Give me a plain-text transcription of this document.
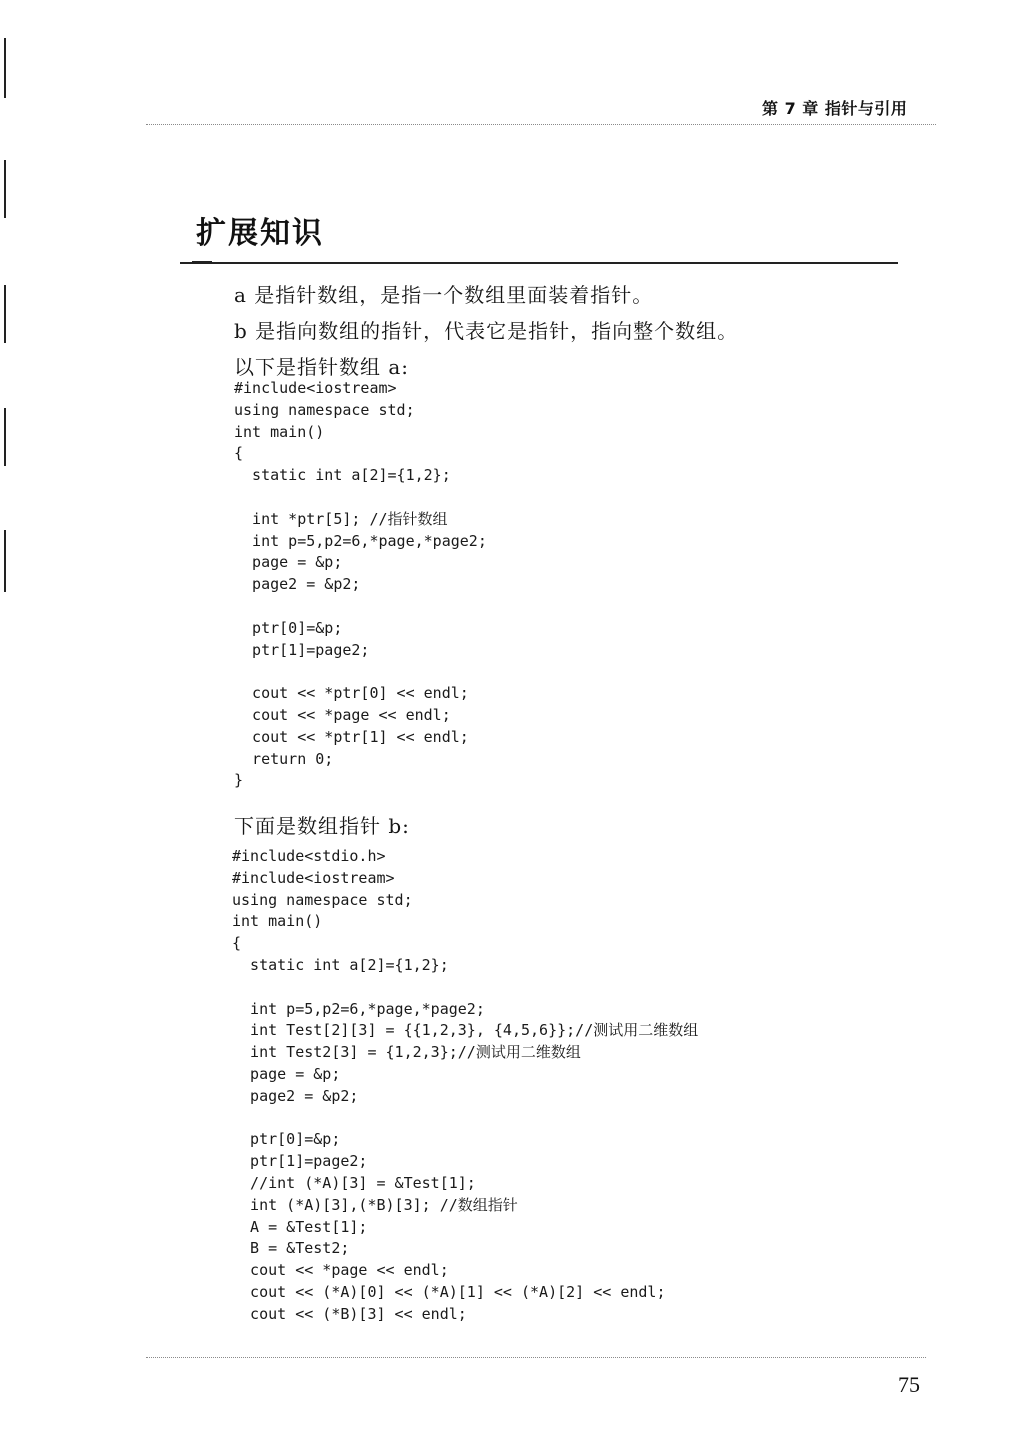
第 7 章 指针与引用
扩展知识
a 是指针数组，是指一个数组里面装着指针。
b 是指向数组的指针，代表它是指针，指向整个数组。
以下是指针数组 a:
#include<iostream>
using namespace std;
int main()
{
static int a[2]={1,2};
int *ptr[5]; //指针数组
int p=5,p2=6,*page,*page2;
page = &p;
page2 = &p2;
ptr[0]=&p;
ptr[1]=page2;
cout << *ptr[0] << endl;
cout << *page << endl;
cout << *ptr[1] << endl;
return 0;
}
下面是数组指针 b:
#include<stdio.h>
#include<iostream>
using namespace std;
int main()
{
static int a[2]={1,2};
int p=5,p2=6,*page,*page2;
int Test[2][3] = {{1,2,3}, {4,5,6}};//测试用二维数组
int Test2[3] = {1,2,3};//测试用二维数组
page = &p;
page2 = &p2;
ptr[0]=&p;
ptr[1]=page2;
//int (*A)[3] = &Test[1];
int (*A)[3],(*B)[3]; //数组指针
A = &Test[1];
B = &Test2;
cout << *page << endl;
cout << (*A)[0] << (*A)[1] << (*A)[2] << endl;
cout << (*B)[3] << endl;
75
